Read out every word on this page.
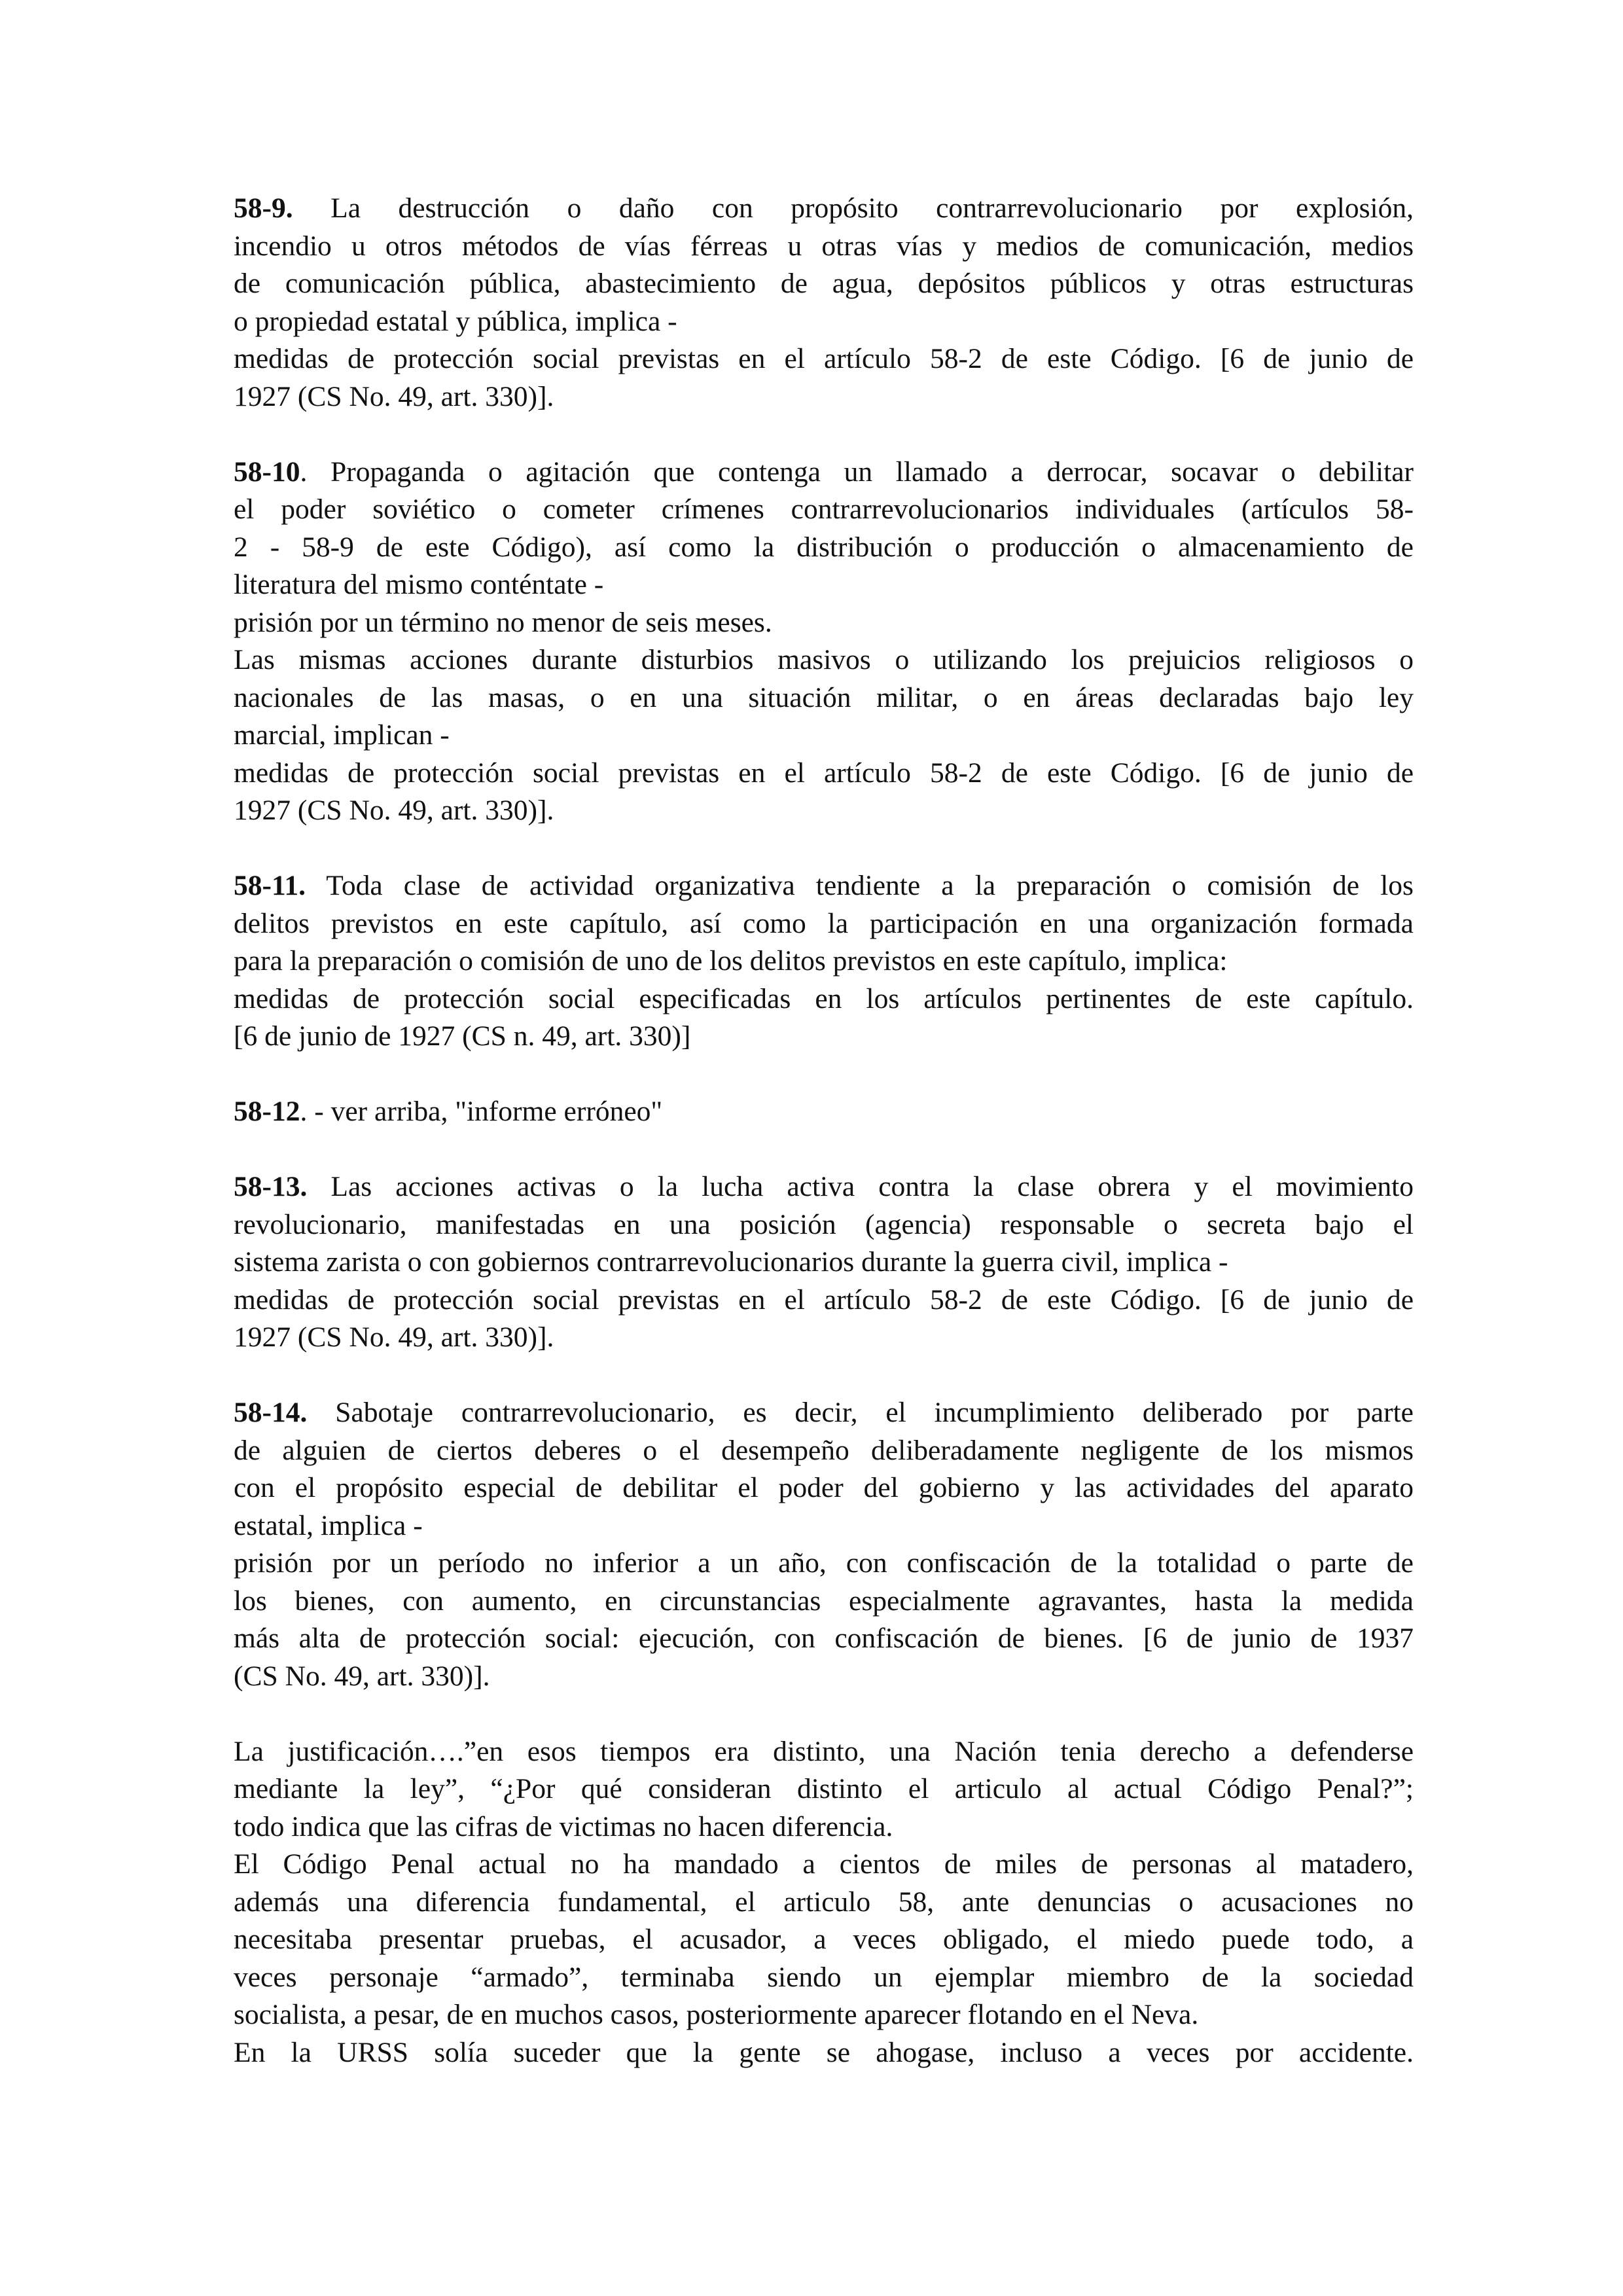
58-9. La destrucción o daño con propósito contrarrevolucionario por explosión,
incendio u otros métodos de vías férreas u otras vías y medios de comunicación, medios
de comunicación pública, abastecimiento de agua, depósitos públicos y otras estructuras
o propiedad estatal y pública, implica -
medidas de protección social previstas en el artículo 58-2 de este Código. [6 de junio de
1927 (CS No. 49, art. 330)].
58-10. Propaganda o agitación que contenga un llamado a derrocar, socavar o debilitar
el poder soviético o cometer crímenes contrarrevolucionarios individuales (artículos 58-
2 - 58-9 de este Código), así como la distribución o producción o almacenamiento de
literatura del mismo conténtate -
prisión por un término no menor de seis meses.
Las mismas acciones durante disturbios masivos o utilizando los prejuicios religiosos o
nacionales de las masas, o en una situación militar, o en áreas declaradas bajo ley
marcial, implican -
medidas de protección social previstas en el artículo 58-2 de este Código. [6 de junio de
1927 (CS No. 49, art. 330)].
58-11. Toda clase de actividad organizativa tendiente a la preparación o comisión de los
delitos previstos en este capítulo, así como la participación en una organización formada
para la preparación o comisión de uno de los delitos previstos en este capítulo, implica:
medidas de protección social especificadas en los artículos pertinentes de este capítulo.
[6 de junio de 1927 (CS n. 49, art. 330)]
58-12. - ver arriba, "informe erróneo"
58-13. Las acciones activas o la lucha activa contra la clase obrera y el movimiento
revolucionario, manifestadas en una posición (agencia) responsable o secreta bajo el
sistema zarista o con gobiernos contrarrevolucionarios durante la guerra civil, implica -
medidas de protección social previstas en el artículo 58-2 de este Código. [6 de junio de
1927 (CS No. 49, art. 330)].
58-14. Sabotaje contrarrevolucionario, es decir, el incumplimiento deliberado por parte
de alguien de ciertos deberes o el desempeño deliberadamente negligente de los mismos
con el propósito especial de debilitar el poder del gobierno y las actividades del aparato
estatal, implica -
prisión por un período no inferior a un año, con confiscación de la totalidad o parte de
los bienes, con aumento, en circunstancias especialmente agravantes, hasta la medida
más alta de protección social: ejecución, con confiscación de bienes. [6 de junio de 1937
(CS No. 49, art. 330)].
La justificación….”en esos tiempos era distinto, una Nación tenia derecho a defenderse
mediante la ley”, “¿Por qué consideran distinto el articulo al actual Código Penal?”;
todo indica que las cifras de victimas no hacen diferencia.
El Código Penal actual no ha mandado a cientos de miles de personas al matadero,
además una diferencia fundamental, el articulo 58, ante denuncias o acusaciones no
necesitaba presentar pruebas, el acusador, a veces obligado, el miedo puede todo, a
veces personaje “armado”, terminaba siendo un ejemplar miembro de la sociedad
socialista, a pesar, de en muchos casos, posteriormente aparecer flotando en el Neva.
En la URSS solía suceder que la gente se ahogase, incluso a veces por accidente.
